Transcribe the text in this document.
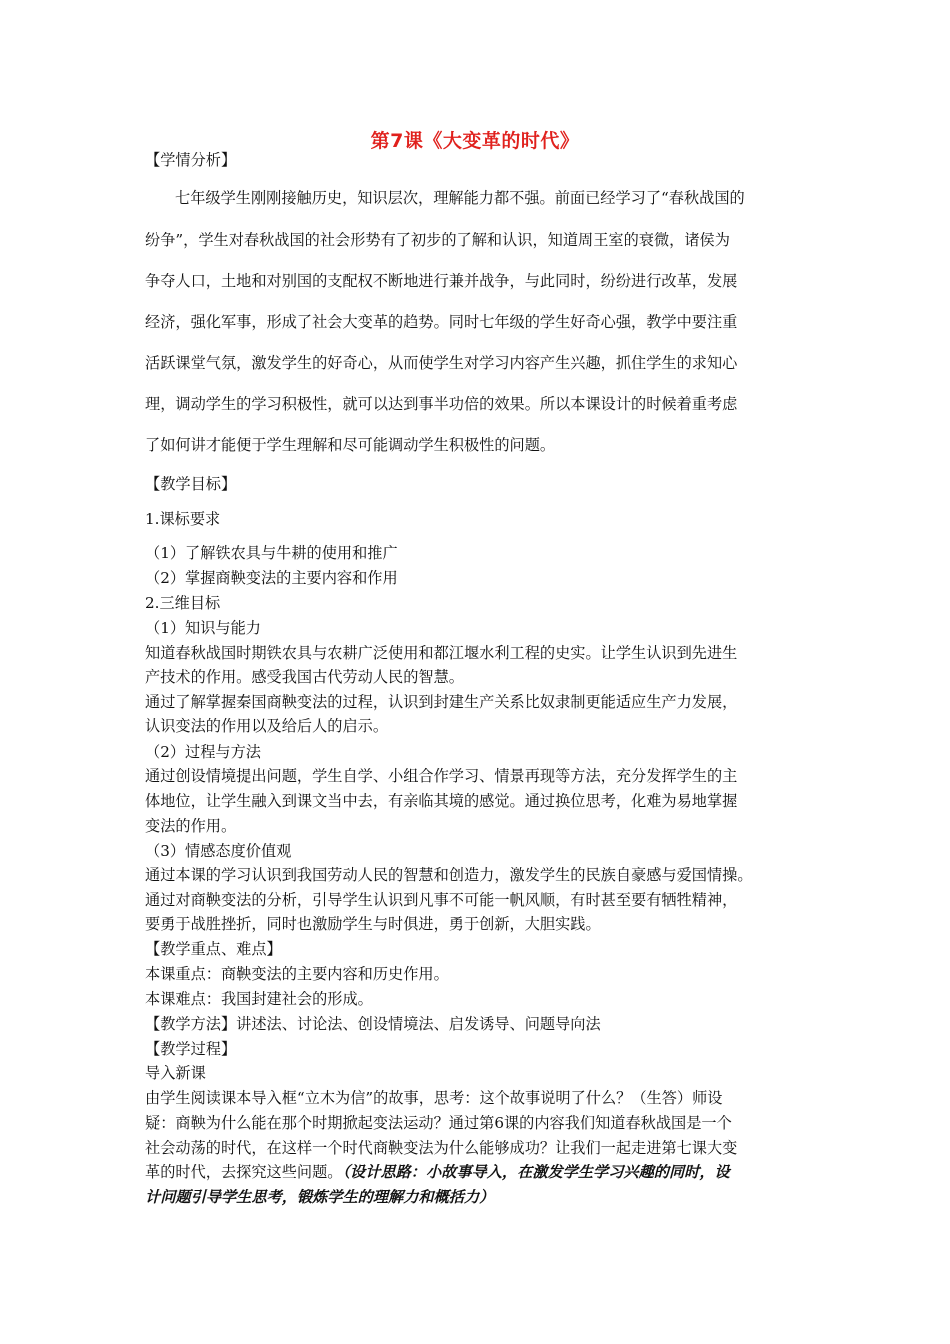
第7课《大变革的时代》
【学情分析】
七年级学生刚刚接触历史，知识层次，理解能力都不强。前面已经学习了“春秋战国的
纷争”，学生对春秋战国的社会形势有了初步的了解和认识，知道周王室的衰微，诸侯为
争夺人口，土地和对别国的支配权不断地进行兼并战争，与此同时，纷纷进行改革，发展
经济，强化军事，形成了社会大变革的趋势。同时七年级的学生好奇心强，教学中要注重
活跃课堂气氛，激发学生的好奇心，从而使学生对学习内容产生兴趣，抓住学生的求知心
理，调动学生的学习积极性，就可以达到事半功倍的效果。所以本课设计的时候着重考虑
了如何讲才能便于学生理解和尽可能调动学生积极性的问题。
【教学目标】
1.课标要求
（1）了解铁农具与牛耕的使用和推广
（2）掌握商鞅变法的主要内容和作用
2.三维目标
（1）知识与能力
知道春秋战国时期铁农具与农耕广泛使用和都江堰水利工程的史实。让学生认识到先进生
产技术的作用。感受我国古代劳动人民的智慧。
通过了解掌握秦国商鞅变法的过程，认识到封建生产关系比奴隶制更能适应生产力发展，
认识变法的作用以及给后人的启示。
（2）过程与方法
通过创设情境提出问题，学生自学、小组合作学习、情景再现等方法，充分发挥学生的主
体地位，让学生融入到课文当中去，有亲临其境的感觉。通过换位思考，化难为易地掌握
变法的作用。
（3）情感态度价值观
通过本课的学习认识到我国劳动人民的智慧和创造力，激发学生的民族自豪感与爱国情操。
通过对商鞅变法的分析，引导学生认识到凡事不可能一帆风顺，有时甚至要有牺牲精神，
要勇于战胜挫折，同时也激励学生与时俱进，勇于创新，大胆实践。
【教学重点、难点】
本课重点：商鞅变法的主要内容和历史作用。
本课难点：我国封建社会的形成。
【教学方法】讲述法、讨论法、创设情境法、启发诱导、问题导向法
【教学过程】
导入新课
由学生阅读课本导入框“立木为信”的故事，思考：这个故事说明了什么？（生答）师设
疑：商鞅为什么能在那个时期掀起变法运动？通过第6课的内容我们知道春秋战国是一个
社会动荡的时代，在这样一个时代商鞅变法为什么能够成功？让我们一起走进第七课大变
革的时代，去探究这些问题。（设计思路：小故事导入，在激发学生学习兴趣的同时，设
计问题引导学生思考，锻炼学生的理解力和概括力）
